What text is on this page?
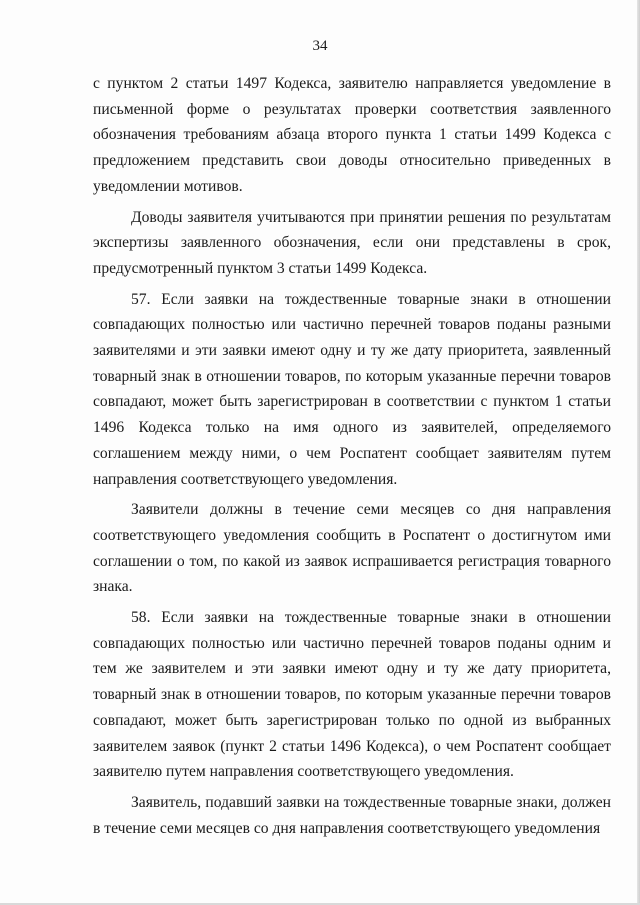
34

с пунктом 2 статьи 1497 Кодекса, заявителю направляется уведомление в письменной форме о результатах проверки соответствия заявленного обозначения требованиям абзаца второго пункта 1 статьи 1499 Кодекса с предложением представить свои доводы относительно приведенных в уведомлении мотивов.

Доводы заявителя учитываются при принятии решения по результатам экспертизы заявленного обозначения, если они представлены в срок, предусмотренный пунктом 3 статьи 1499 Кодекса.

57. Если заявки на тождественные товарные знаки в отношении совпадающих полностью или частично перечней товаров поданы разными заявителями и эти заявки имеют одну и ту же дату приоритета, заявленный товарный знак в отношении товаров, по которым указанные перечни товаров совпадают, может быть зарегистрирован в соответствии с пунктом 1 статьи 1496 Кодекса только на имя одного из заявителей, определяемого соглашением между ними, о чем Роспатент сообщает заявителям путем направления соответствующего уведомления.

Заявители должны в течение семи месяцев со дня направления соответствующего уведомления сообщить в Роспатент о достигнутом ими соглашении о том, по какой из заявок испрашивается регистрация товарного знака.

58. Если заявки на тождественные товарные знаки в отношении совпадающих полностью или частично перечней товаров поданы одним и тем же заявителем и эти заявки имеют одну и ту же дату приоритета, товарный знак в отношении товаров, по которым указанные перечни товаров совпадают, может быть зарегистрирован только по одной из выбранных заявителем заявок (пункт 2 статьи 1496 Кодекса), о чем Роспатент сообщает заявителю путем направления соответствующего уведомления.

Заявитель, подавший заявки на тождественные товарные знаки, должен в течение семи месяцев со дня направления соответствующего уведомления
